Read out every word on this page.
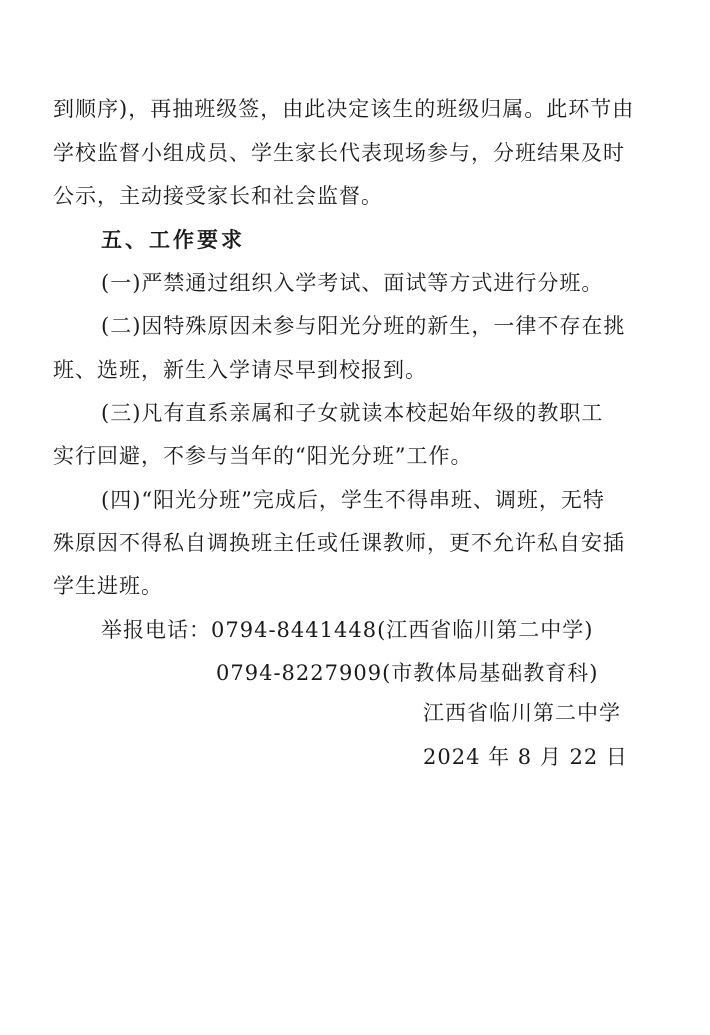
到顺序)，再抽班级签，由此决定该生的班级归属。此环节由
学校监督小组成员、学生家长代表现场参与，分班结果及时
公示，主动接受家长和社会监督。
五、工作要求
(一)严禁通过组织入学考试、面试等方式进行分班。
(二)因特殊原因未参与阳光分班的新生，一律不存在挑
班、选班，新生入学请尽早到校报到。
(三)凡有直系亲属和子女就读本校起始年级的教职工
实行回避，不参与当年的“阳光分班”工作。
(四)“阳光分班”完成后，学生不得串班、调班，无特
殊原因不得私自调换班主任或任课教师，更不允许私自安插
学生进班。
举报电话：0794-8441448(江西省临川第二中学)
0794-8227909(市教体局基础教育科)
江西省临川第二中学
2024 年 8 月 22 日
